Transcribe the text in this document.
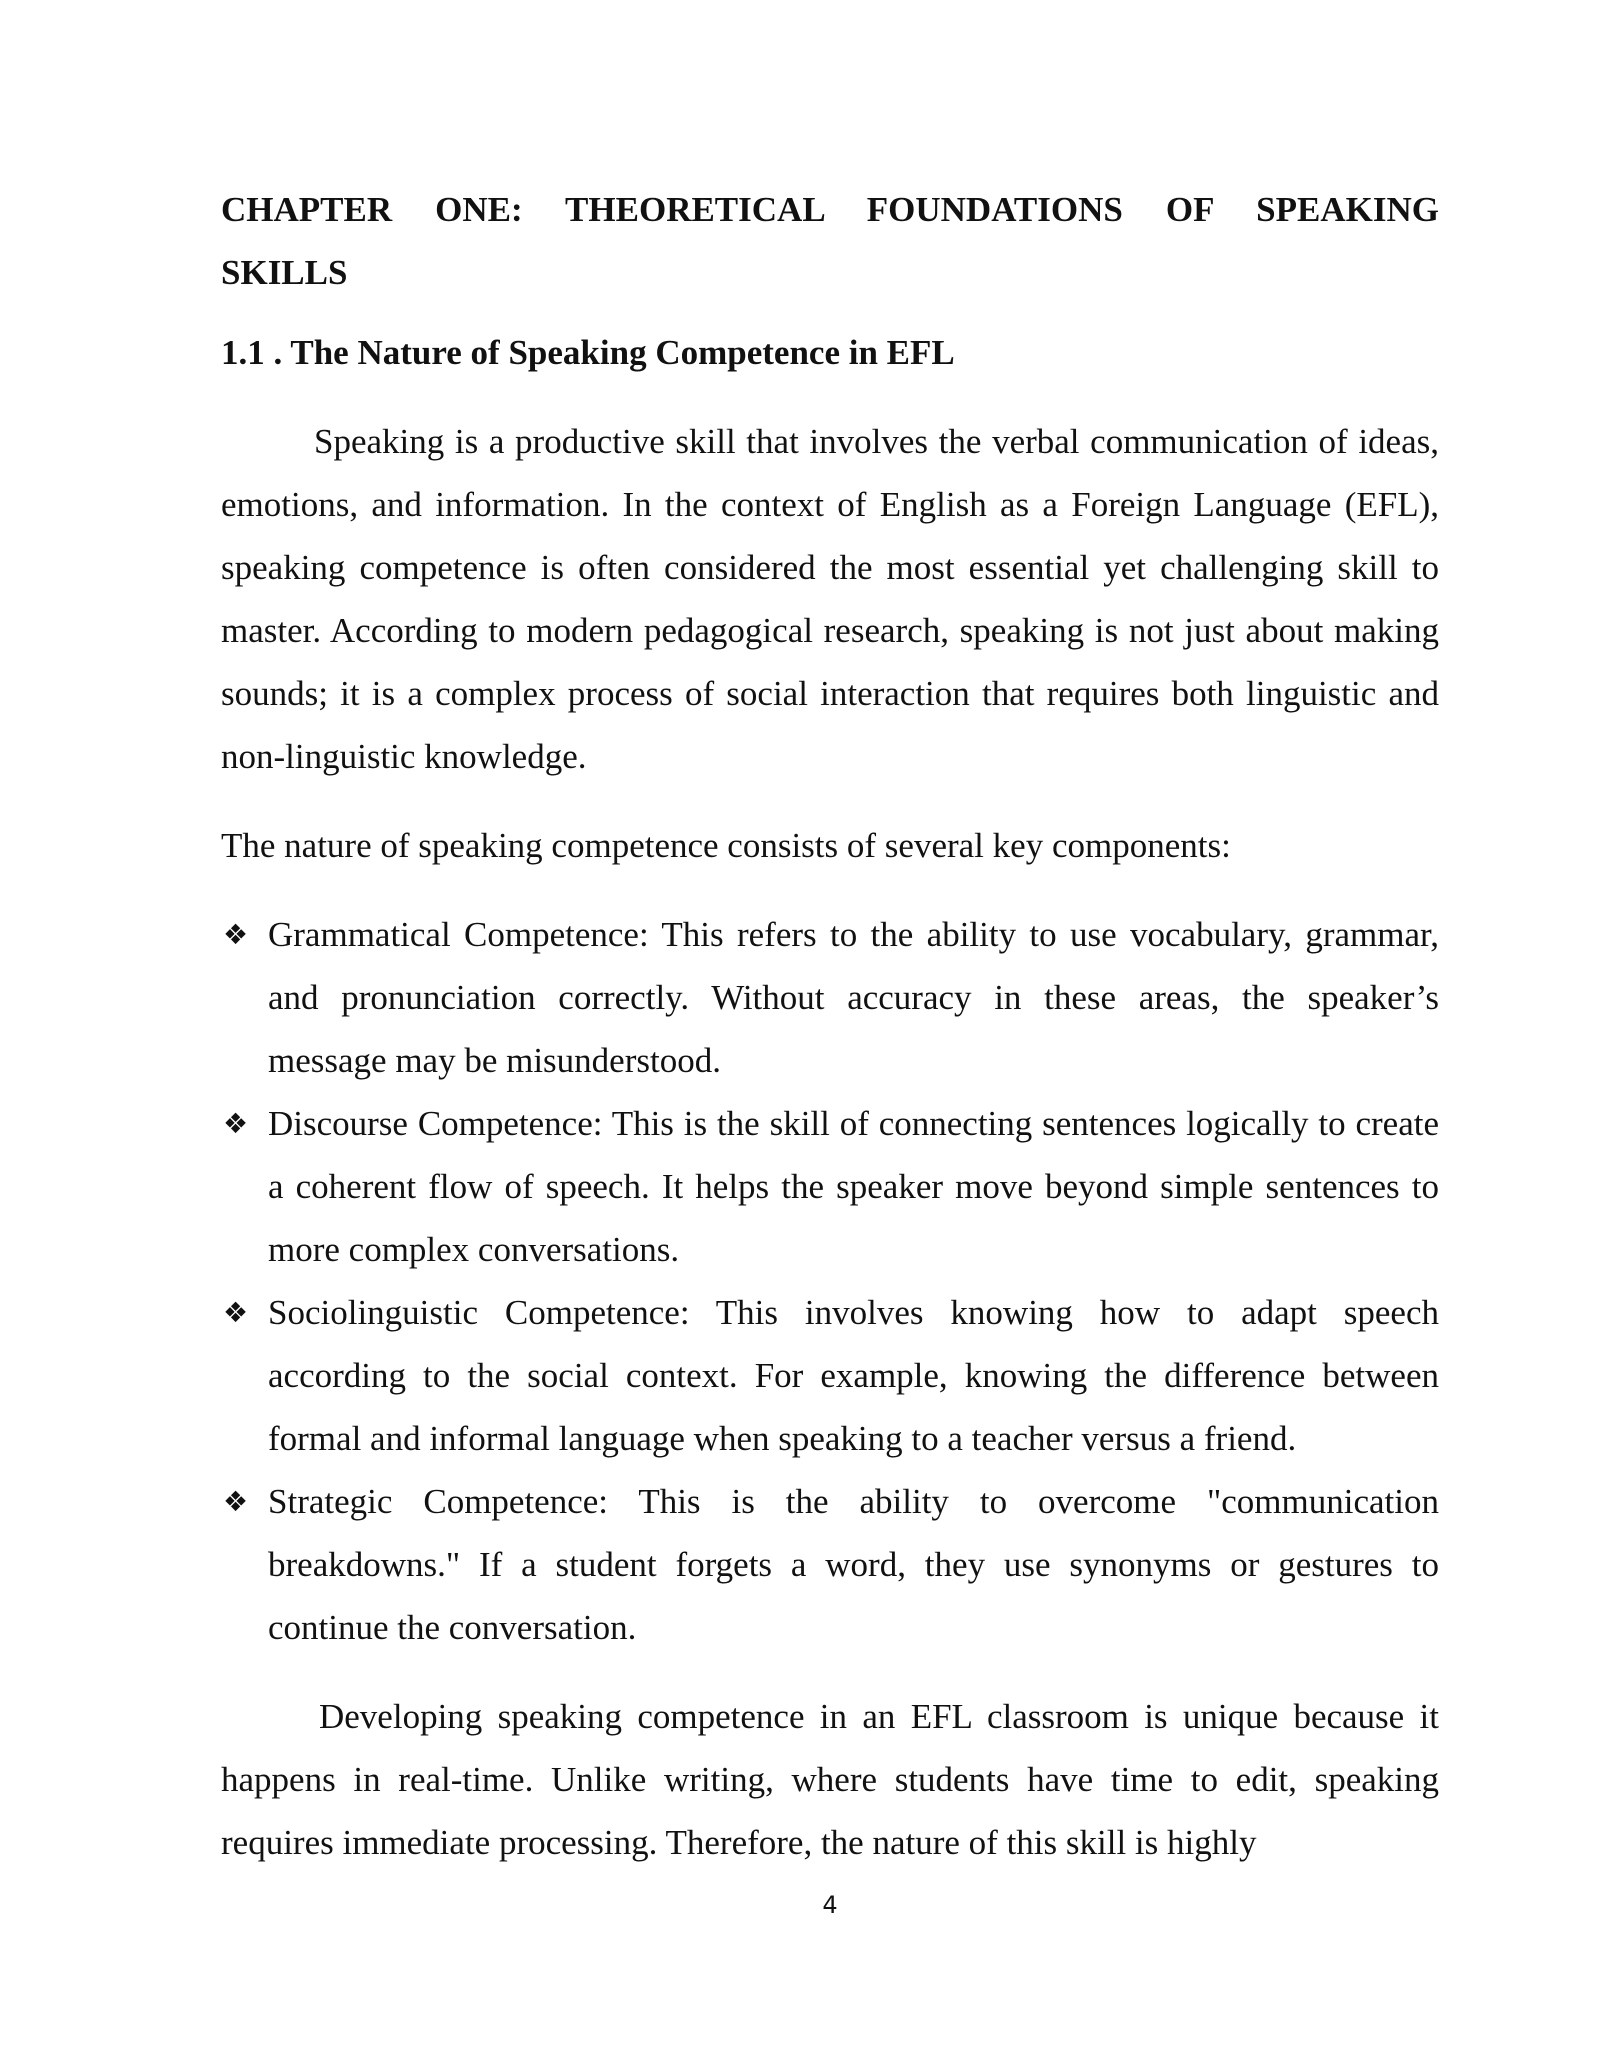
CHAPTER ONE: THEORETICAL FOUNDATIONS OF SPEAKING SKILLS
1.1 . The Nature of Speaking Competence in EFL

Speaking is a productive skill that involves the verbal communication of ideas, emotions, and information. In the context of English as a Foreign Language (EFL), speaking competence is often considered the most essential yet challenging skill to master. According to modern pedagogical research, speaking is not just about making sounds; it is a complex process of social interaction that requires both linguistic and non-linguistic knowledge.

The nature of speaking competence consists of several key components:

❖ Grammatical Competence: This refers to the ability to use vocabulary, grammar, and pronunciation correctly. Without accuracy in these areas, the speaker’s message may be misunderstood.
❖ Discourse Competence: This is the skill of connecting sentences logically to create a coherent flow of speech. It helps the speaker move beyond simple sentences to more complex conversations.
❖ Sociolinguistic Competence: This involves knowing how to adapt speech according to the social context. For example, knowing the difference between formal and informal language when speaking to a teacher versus a friend.
❖ Strategic Competence: This is the ability to overcome "communication breakdowns." If a student forgets a word, they use synonyms or gestures to continue the conversation.

Developing speaking competence in an EFL classroom is unique because it happens in real-time. Unlike writing, where students have time to edit, speaking requires immediate processing. Therefore, the nature of this skill is highly

4
